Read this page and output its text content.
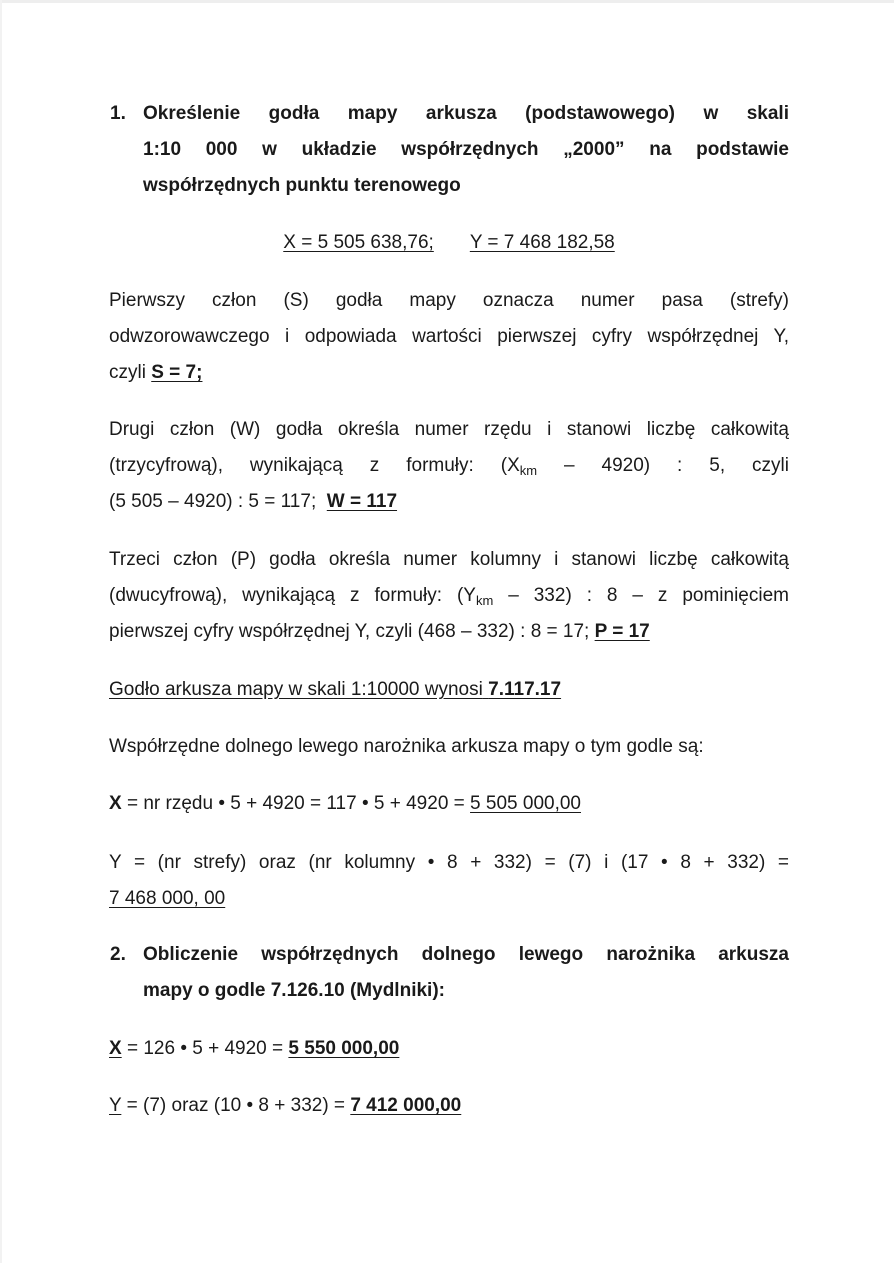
1. Określenie godła mapy arkusza (podstawowego) w skali
1:10 000 w układzie współrzędnych „2000” na podstawie
współrzędnych punktu terenowego
X = 5 505 638,76; Y = 7 468 182,58
Pierwszy człon (S) godła mapy oznacza numer pasa (strefy)
odwzorowawczego i odpowiada wartości pierwszej cyfry współrzędnej Y,
czyli S = 7;
Drugi człon (W) godła określa numer rzędu i stanowi liczbę całkowitą
(trzycyfrową), wynikającą z formuły: $(X_{km} - 4920)$ : 5, czyli
(5 505 – 4920) : 5 = 117; W = 117
Trzeci człon (P) godła określa numer kolumny i stanowi liczbę całkowitą
(dwucyfrową), wynikającą z formuły: $(Y_{km} - 332)$ : 8 – z pominięciem
pierwszej cyfry współrzędnej Y, czyli (468 – 332) : 8 = 17; P = 17
Godło arkusza mapy w skali 1:10000 wynosi 7.117.17
Współrzędne dolnego lewego narożnika arkusza mapy o tym godle są:
X = nr rzędu • 5 + 4920 = 117 • 5 + 4920 = 5 505 000,00
Y = (nr strefy) oraz (nr kolumny • 8 + 332) = (7) i (17 • 8 + 332) =
7 468 000, 00
2. Obliczenie współrzędnych dolnego lewego narożnika arkusza
mapy o godle 7.126.10 (Mydlniki):
X = 126 • 5 + 4920 = 5 550 000,00
Y = (7) oraz (10 • 8 + 332) = 7 412 000,00
